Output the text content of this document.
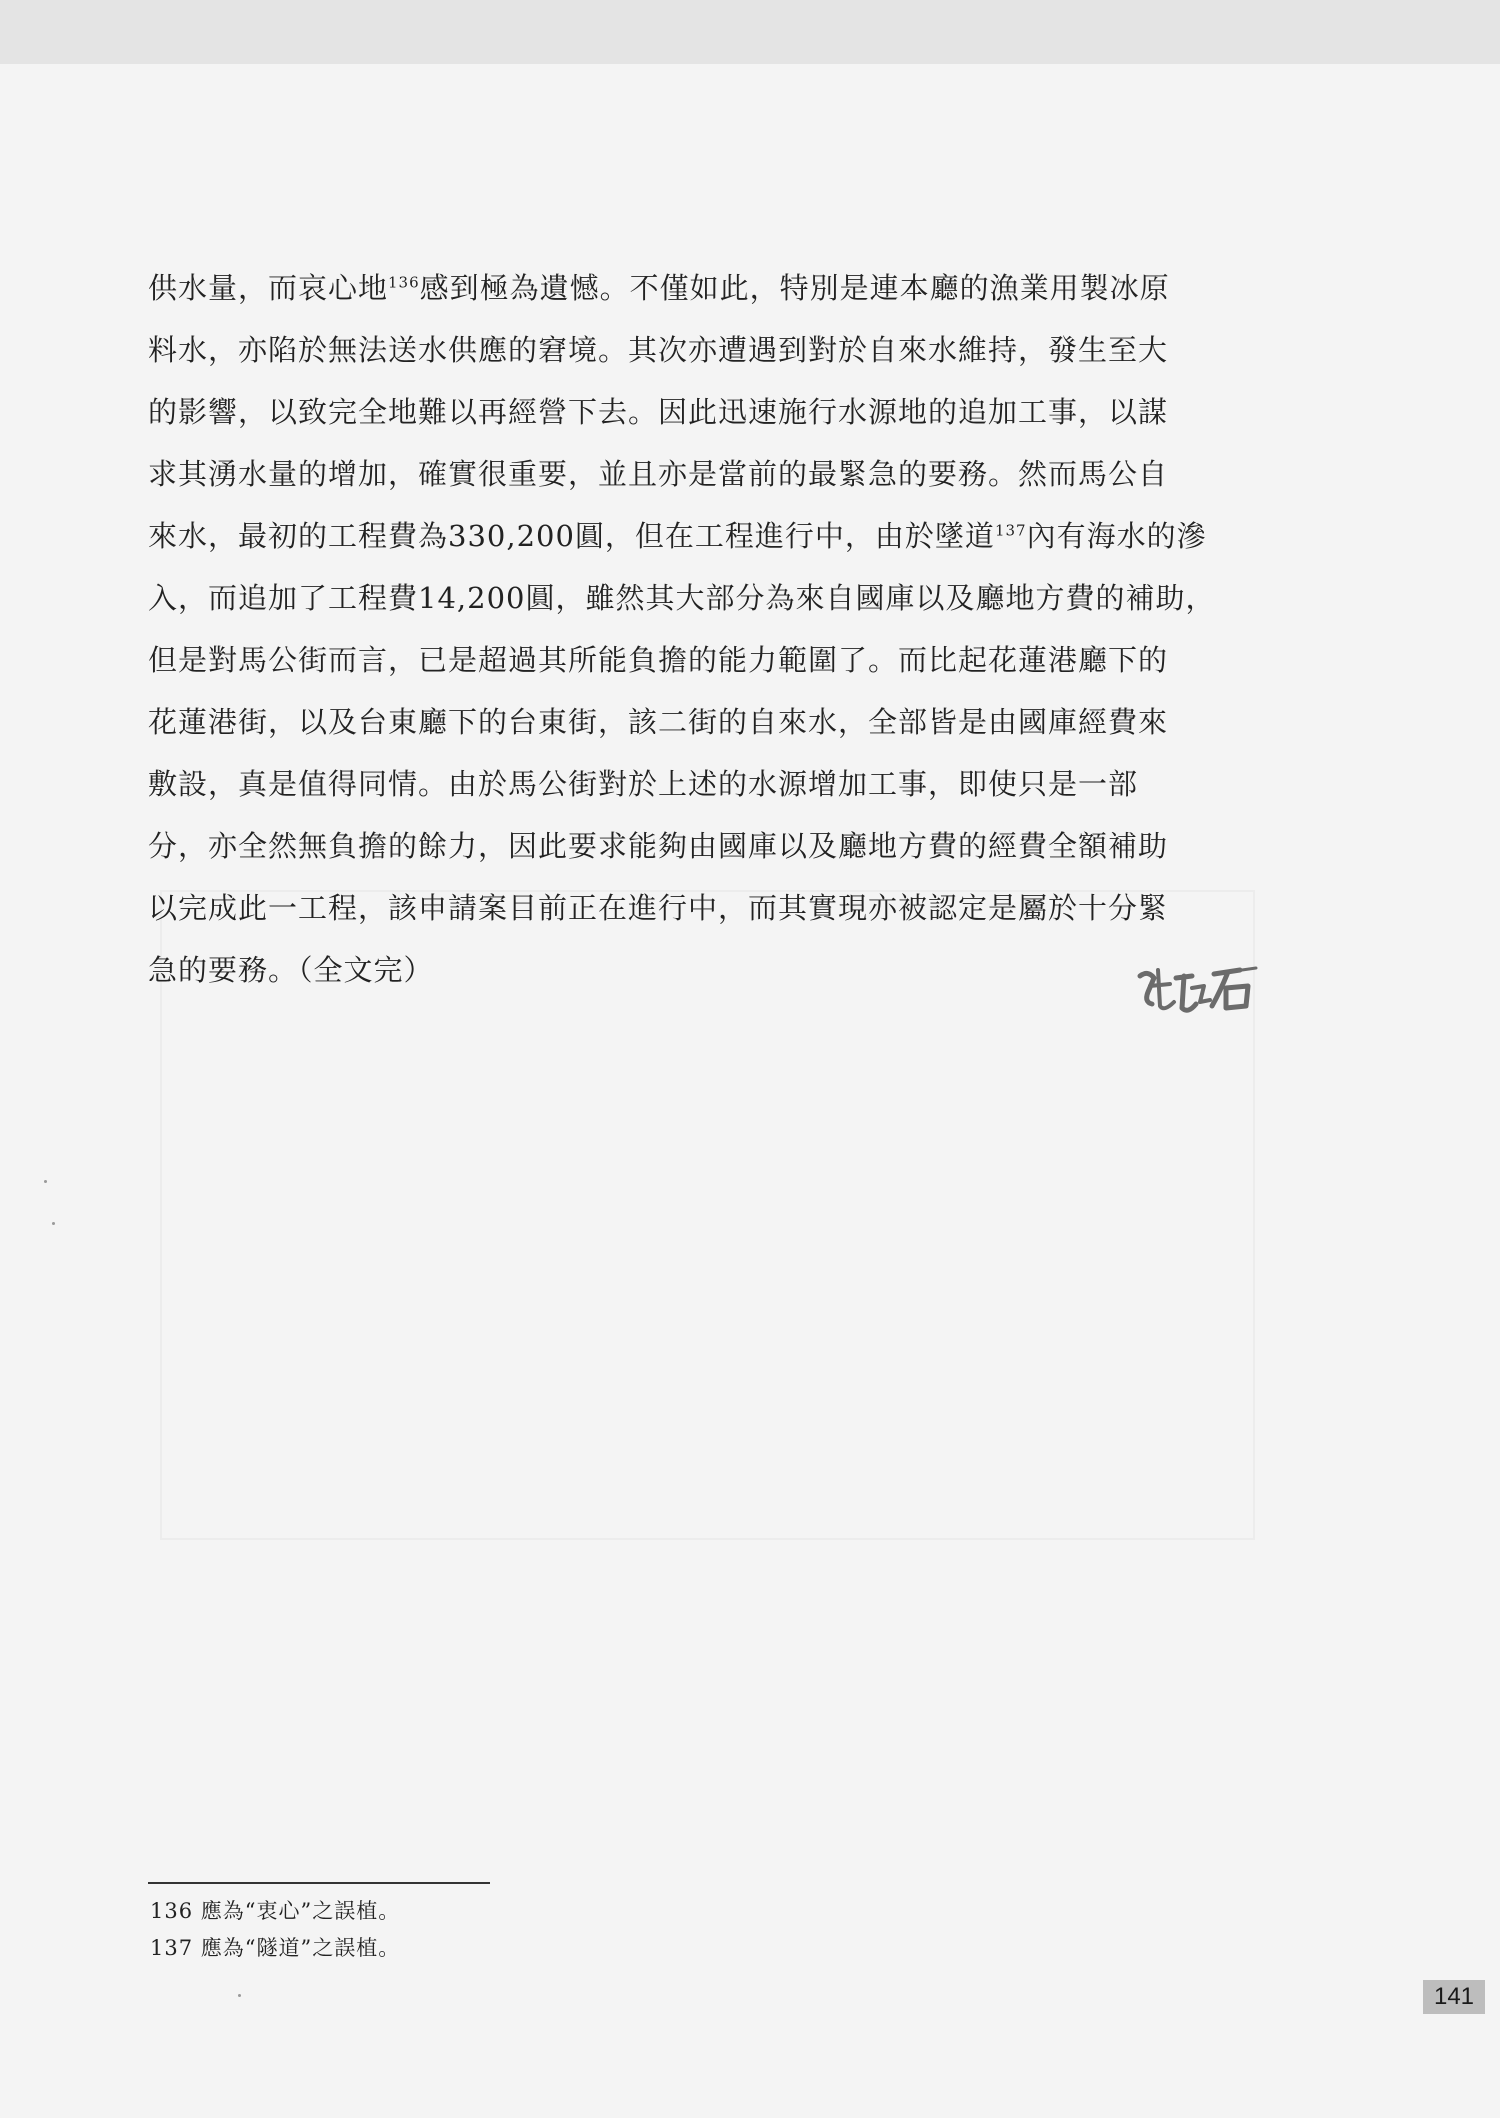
供水量，而哀心地$^{136}$感到極為遺憾。不僅如此，特別是連本廳的漁業用製冰原
料水，亦陷於無法送水供應的窘境。其次亦遭遇到對於自來水維持，發生至大
的影響，以致完全地難以再經營下去。因此迅速施行水源地的追加工事，以謀
求其湧水量的增加，確實很重要，並且亦是當前的最緊急的要務。然而馬公自
來水，最初的工程費為330,200圓，但在工程進行中，由於墜道$^{137}$內有海水的滲
入，而追加了工程費14,200圓，雖然其大部分為來自國庫以及廳地方費的補助，
但是對馬公街而言，已是超過其所能負擔的能力範圍了。而比起花蓮港廳下的
花蓮港街，以及台東廳下的台東街，該二街的自來水，全部皆是由國庫經費來
敷設，真是值得同情。由於馬公街對於上述的水源增加工事，即使只是一部
分，亦全然無負擔的餘力，因此要求能夠由國庫以及廳地方費的經費全額補助
以完成此一工程，該申請案目前正在進行中，而其實現亦被認定是屬於十分緊
急的要務。（全文完）
136 應為“衷心”之誤植。
137 應為“隧道”之誤植。
141
